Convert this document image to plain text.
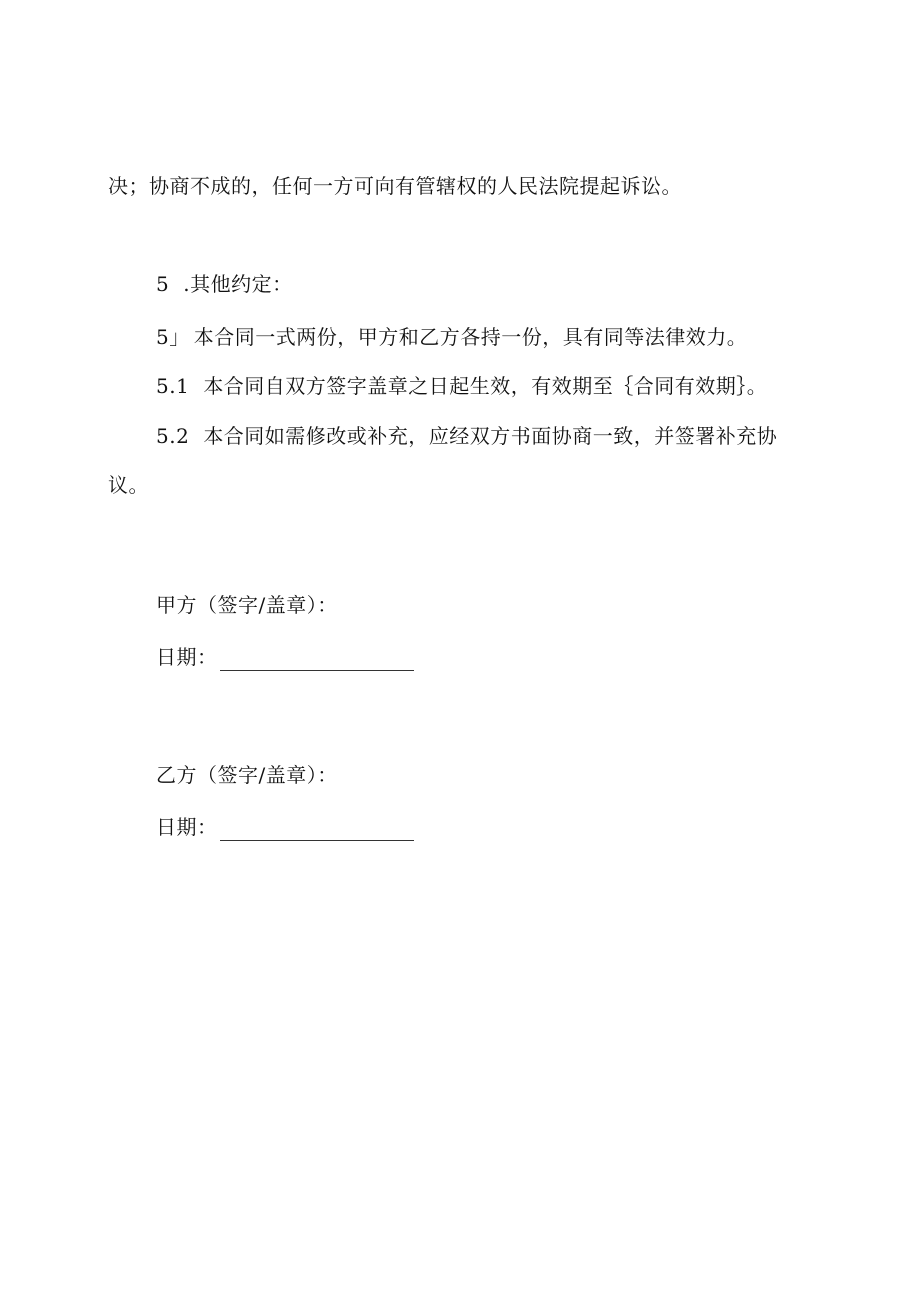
决；协商不成的，任何一方可向有管辖权的人民法院提起诉讼。
5 .其他约定：
5」 本合同一式两份，甲方和乙方各持一份，具有同等法律效力。
5.1 本合同自双方签字盖章之日起生效，有效期至｛合同有效期｝。
5.2 本合同如需修改或补充，应经双方书面协商一致，并签署补充协
议。
甲方（签字/盖章）：
日期：
乙方（签字/盖章）：
日期：
